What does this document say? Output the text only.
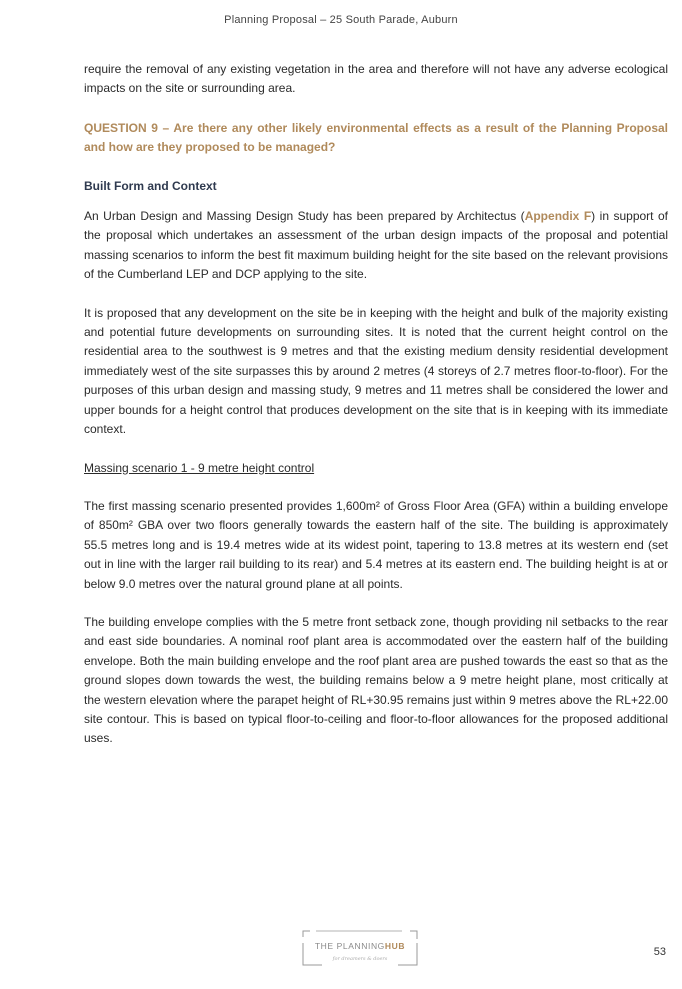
Planning Proposal – 25 South Parade, Auburn

require the removal of any existing vegetation in the area and therefore will not have any adverse ecological impacts on the site or surrounding area.

QUESTION 9 – Are there any other likely environmental effects as a result of the Planning Proposal and how are they proposed to be managed?

Built Form and Context

An Urban Design and Massing Design Study has been prepared by Architectus (Appendix F) in support of the proposal which undertakes an assessment of the urban design impacts of the proposal and potential massing scenarios to inform the best fit maximum building height for the site based on the relevant provisions of the Cumberland LEP and DCP applying to the site.

It is proposed that any development on the site be in keeping with the height and bulk of the majority existing and potential future developments on surrounding sites. It is noted that the current height control on the residential area to the southwest is 9 metres and that the existing medium density residential development immediately west of the site surpasses this by around 2 metres (4 storeys of 2.7 metres floor-to-floor). For the purposes of this urban design and massing study, 9 metres and 11 metres shall be considered the lower and upper bounds for a height control that produces development on the site that is in keeping with its immediate context.

Massing scenario 1 - 9 metre height control

The first massing scenario presented provides 1,600m² of Gross Floor Area (GFA) within a building envelope of 850m² GBA over two floors generally towards the eastern half of the site. The building is approximately 55.5 metres long and is 19.4 metres wide at its widest point, tapering to 13.8 metres at its western end (set out in line with the larger rail building to its rear) and 5.4 metres at its eastern end. The building height is at or below 9.0 metres over the natural ground plane at all points.

The building envelope complies with the 5 metre front setback zone, though providing nil setbacks to the rear and east side boundaries. A nominal roof plant area is accommodated over the eastern half of the building envelope. Both the main building envelope and the roof plant area are pushed towards the east so that as the ground slopes down towards the west, the building remains below a 9 metre height plane, most critically at the western elevation where the parapet height of RL+30.95 remains just within 9 metres above the RL+22.00 site contour. This is based on typical floor-to-ceiling and floor-to-floor allowances for the proposed additional uses.

THE PLANNINGHUB
for dreamers & doers
53
